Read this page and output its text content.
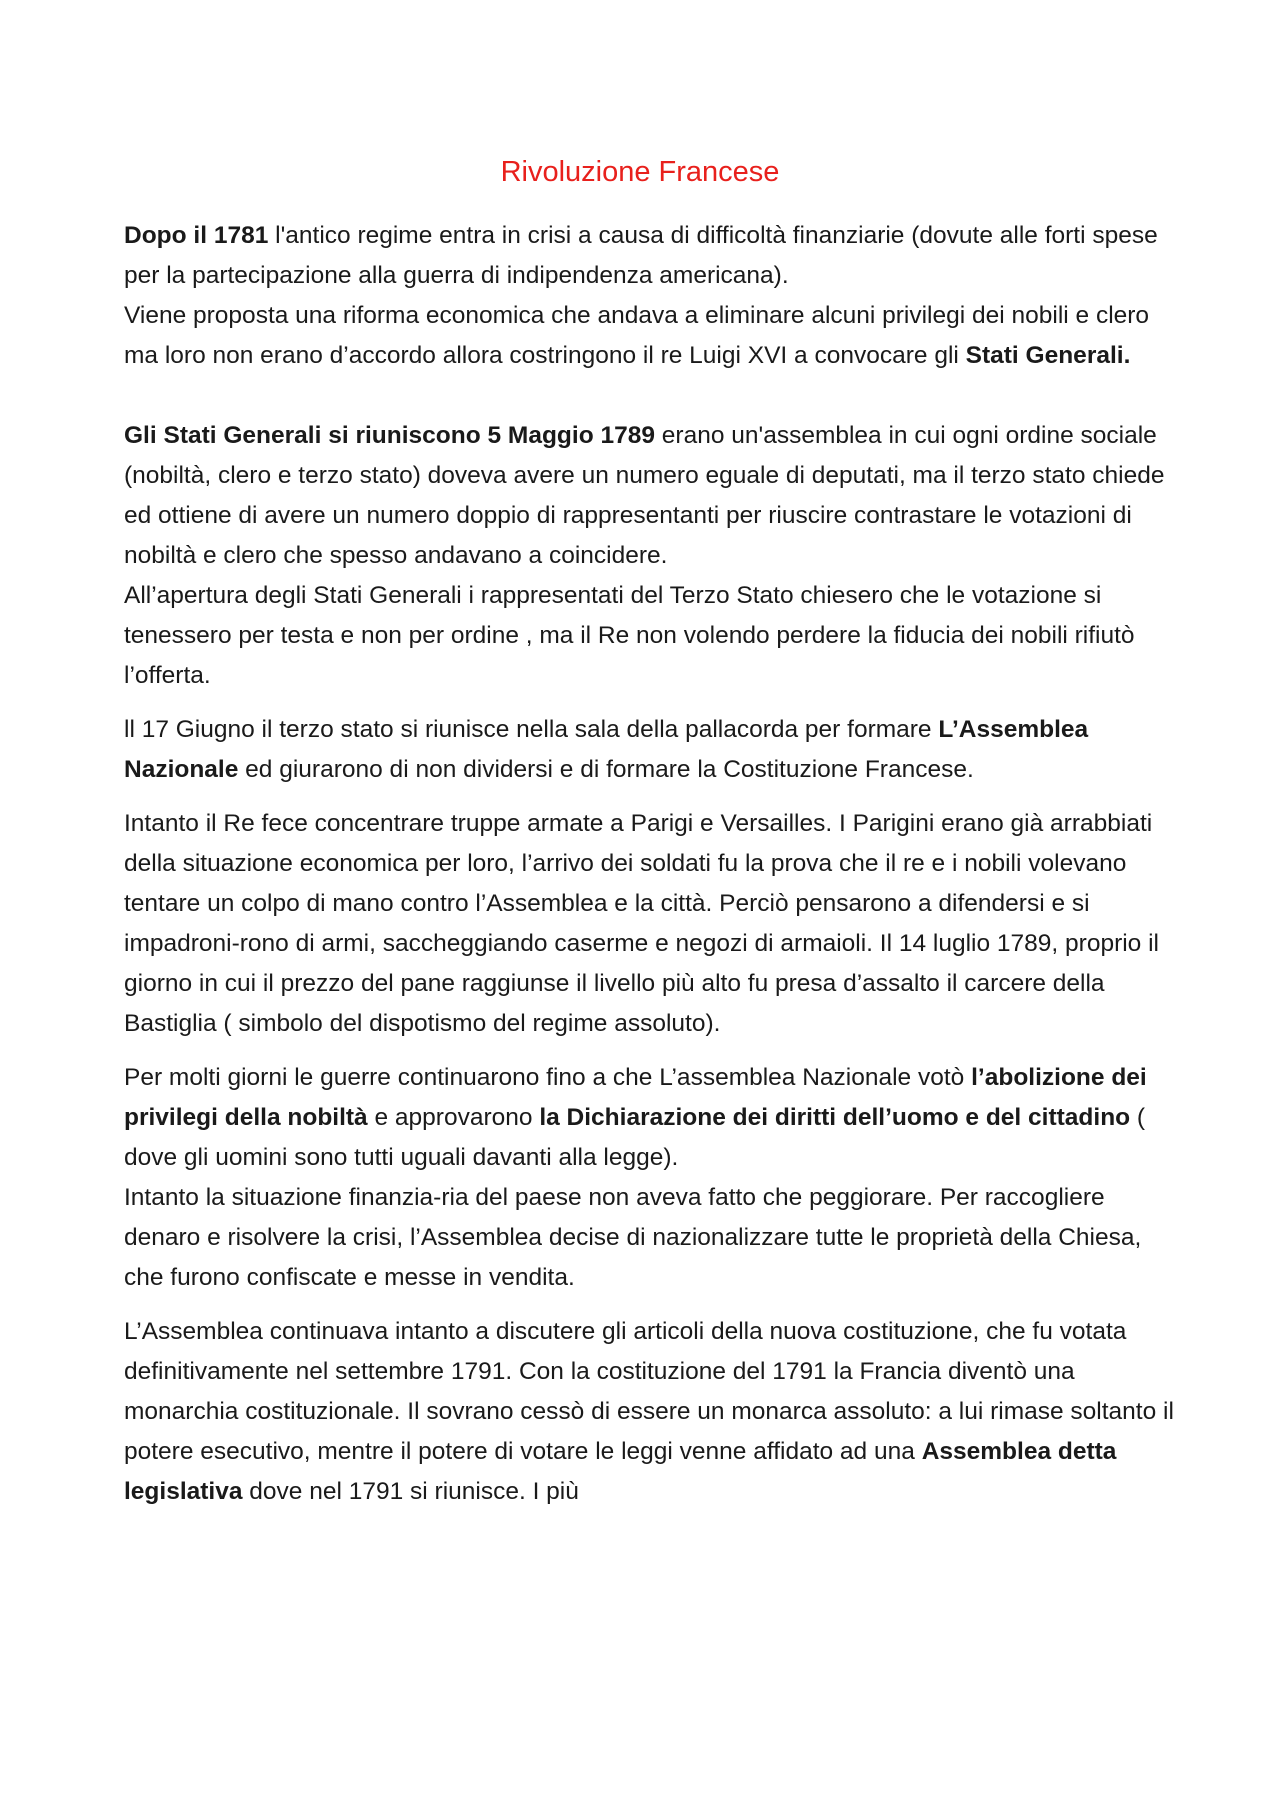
Rivoluzione Francese

Dopo il 1781 l'antico regime entra in crisi a causa di difficoltà finanziarie (dovute alle forti spese per la partecipazione alla guerra di indipendenza americana).
Viene proposta una riforma economica che andava a eliminare alcuni privilegi dei nobili e clero ma loro non erano d’accordo allora costringono il re Luigi XVI a convocare gli Stati Generali.

Gli Stati Generali si riuniscono 5 Maggio 1789 erano un'assemblea in cui ogni ordine sociale (nobiltà, clero e terzo stato) doveva avere un numero eguale di deputati, ma il terzo stato chiede ed ottiene di avere un numero doppio di rappresentanti per riuscire contrastare le votazioni di nobiltà e clero che spesso andavano a coincidere.
All’apertura degli Stati Generali i rappresentati del Terzo Stato chiesero che le votazione si tenessero per testa e non per ordine , ma il Re non volendo perdere la fiducia dei nobili rifiutò l’offerta.

ll 17 Giugno il terzo stato si riunisce nella sala della pallacorda per formare L’Assemblea Nazionale ed giurarono di non dividersi e di formare la Costituzione Francese.

Intanto il Re fece concentrare truppe armate a Parigi e Versailles. I Parigini erano già arrabbiati della situazione economica per loro, l’arrivo dei soldati fu la prova che il re e i nobili volevano tentare un colpo di mano contro l’Assemblea e la città. Perciò pensarono a difendersi e si impadroni-rono di armi, saccheggiando caserme e negozi di armaioli. Il 14 luglio 1789, proprio il giorno in cui il prezzo del pane raggiunse il livello più alto fu presa d’assalto il carcere della Bastiglia ( simbolo del dispotismo del regime assoluto).

Per molti giorni le guerre continuarono fino a che L’assemblea Nazionale votò l’abolizione dei privilegi della nobiltà e approvarono la Dichiarazione dei diritti dell’uomo e del cittadino ( dove gli uomini sono tutti uguali davanti alla legge).
Intanto la situazione finanzia-ria del paese non aveva fatto che peggiorare. Per raccogliere denaro e risolvere la crisi, l’Assemblea decise di nazionalizzare tutte le proprietà della Chiesa, che furono confiscate e messe in vendita.

L’Assemblea continuava intanto a discutere gli articoli della nuova costituzione, che fu votata definitivamente nel settembre 1791. Con la costituzione del 1791 la Francia diventò una monarchia costituzionale. Il sovrano cessò di essere un monarca assoluto: a lui rimase soltanto il potere esecutivo, mentre il potere di votare le leggi venne affidato ad una Assemblea detta legislativa dove nel 1791 si riunisce. I più
